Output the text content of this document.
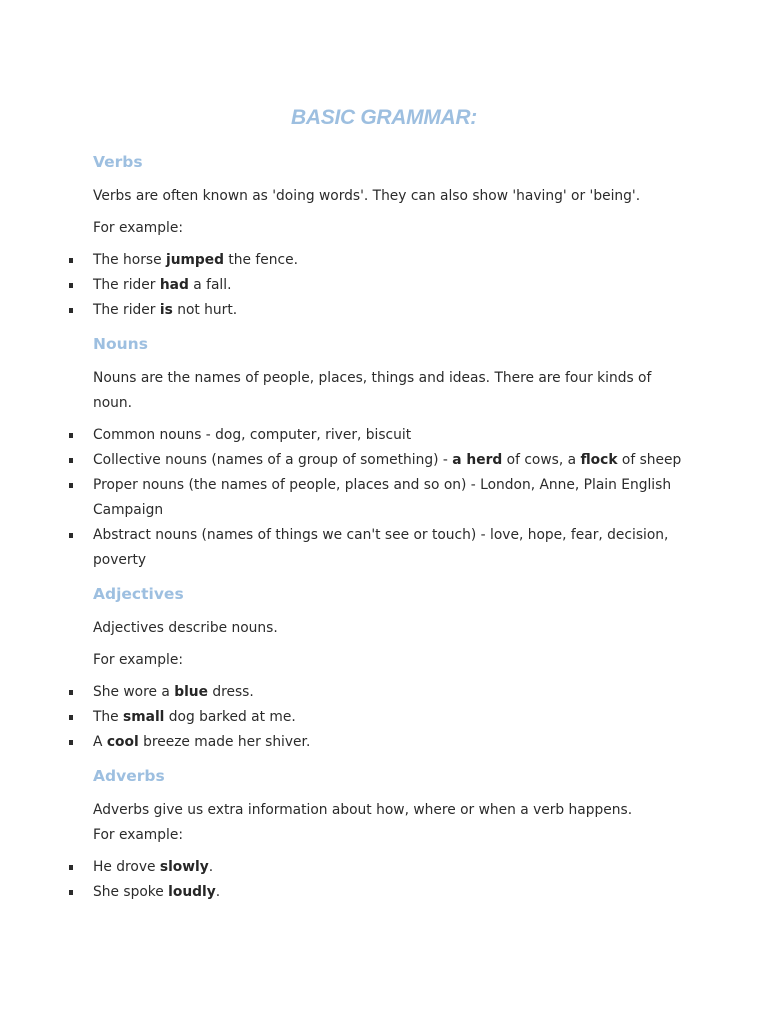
BASIC GRAMMAR:
Verbs

Verbs are often known as 'doing words'. They can also show 'having' or 'being'.

For example:

The horse jumped the fence.
The rider had a fall.
The rider is not hurt.
Nouns

Nouns are the names of people, places, things and ideas. There are four kinds of noun.

Common nouns - dog, computer, river, biscuit
Collective nouns (names of a group of something) - a herd of cows, a flock of sheep
Proper nouns (the names of people, places and so on) - London, Anne, Plain English Campaign
Abstract nouns (names of things we can't see or touch) - love, hope, fear, decision, poverty
Adjectives

Adjectives describe nouns.

For example:

She wore a blue dress.
The small dog barked at me.
A cool breeze made her shiver.
Adverbs

Adverbs give us extra information about how, where or when a verb happens.

For example:

He drove slowly.
She spoke loudly.
